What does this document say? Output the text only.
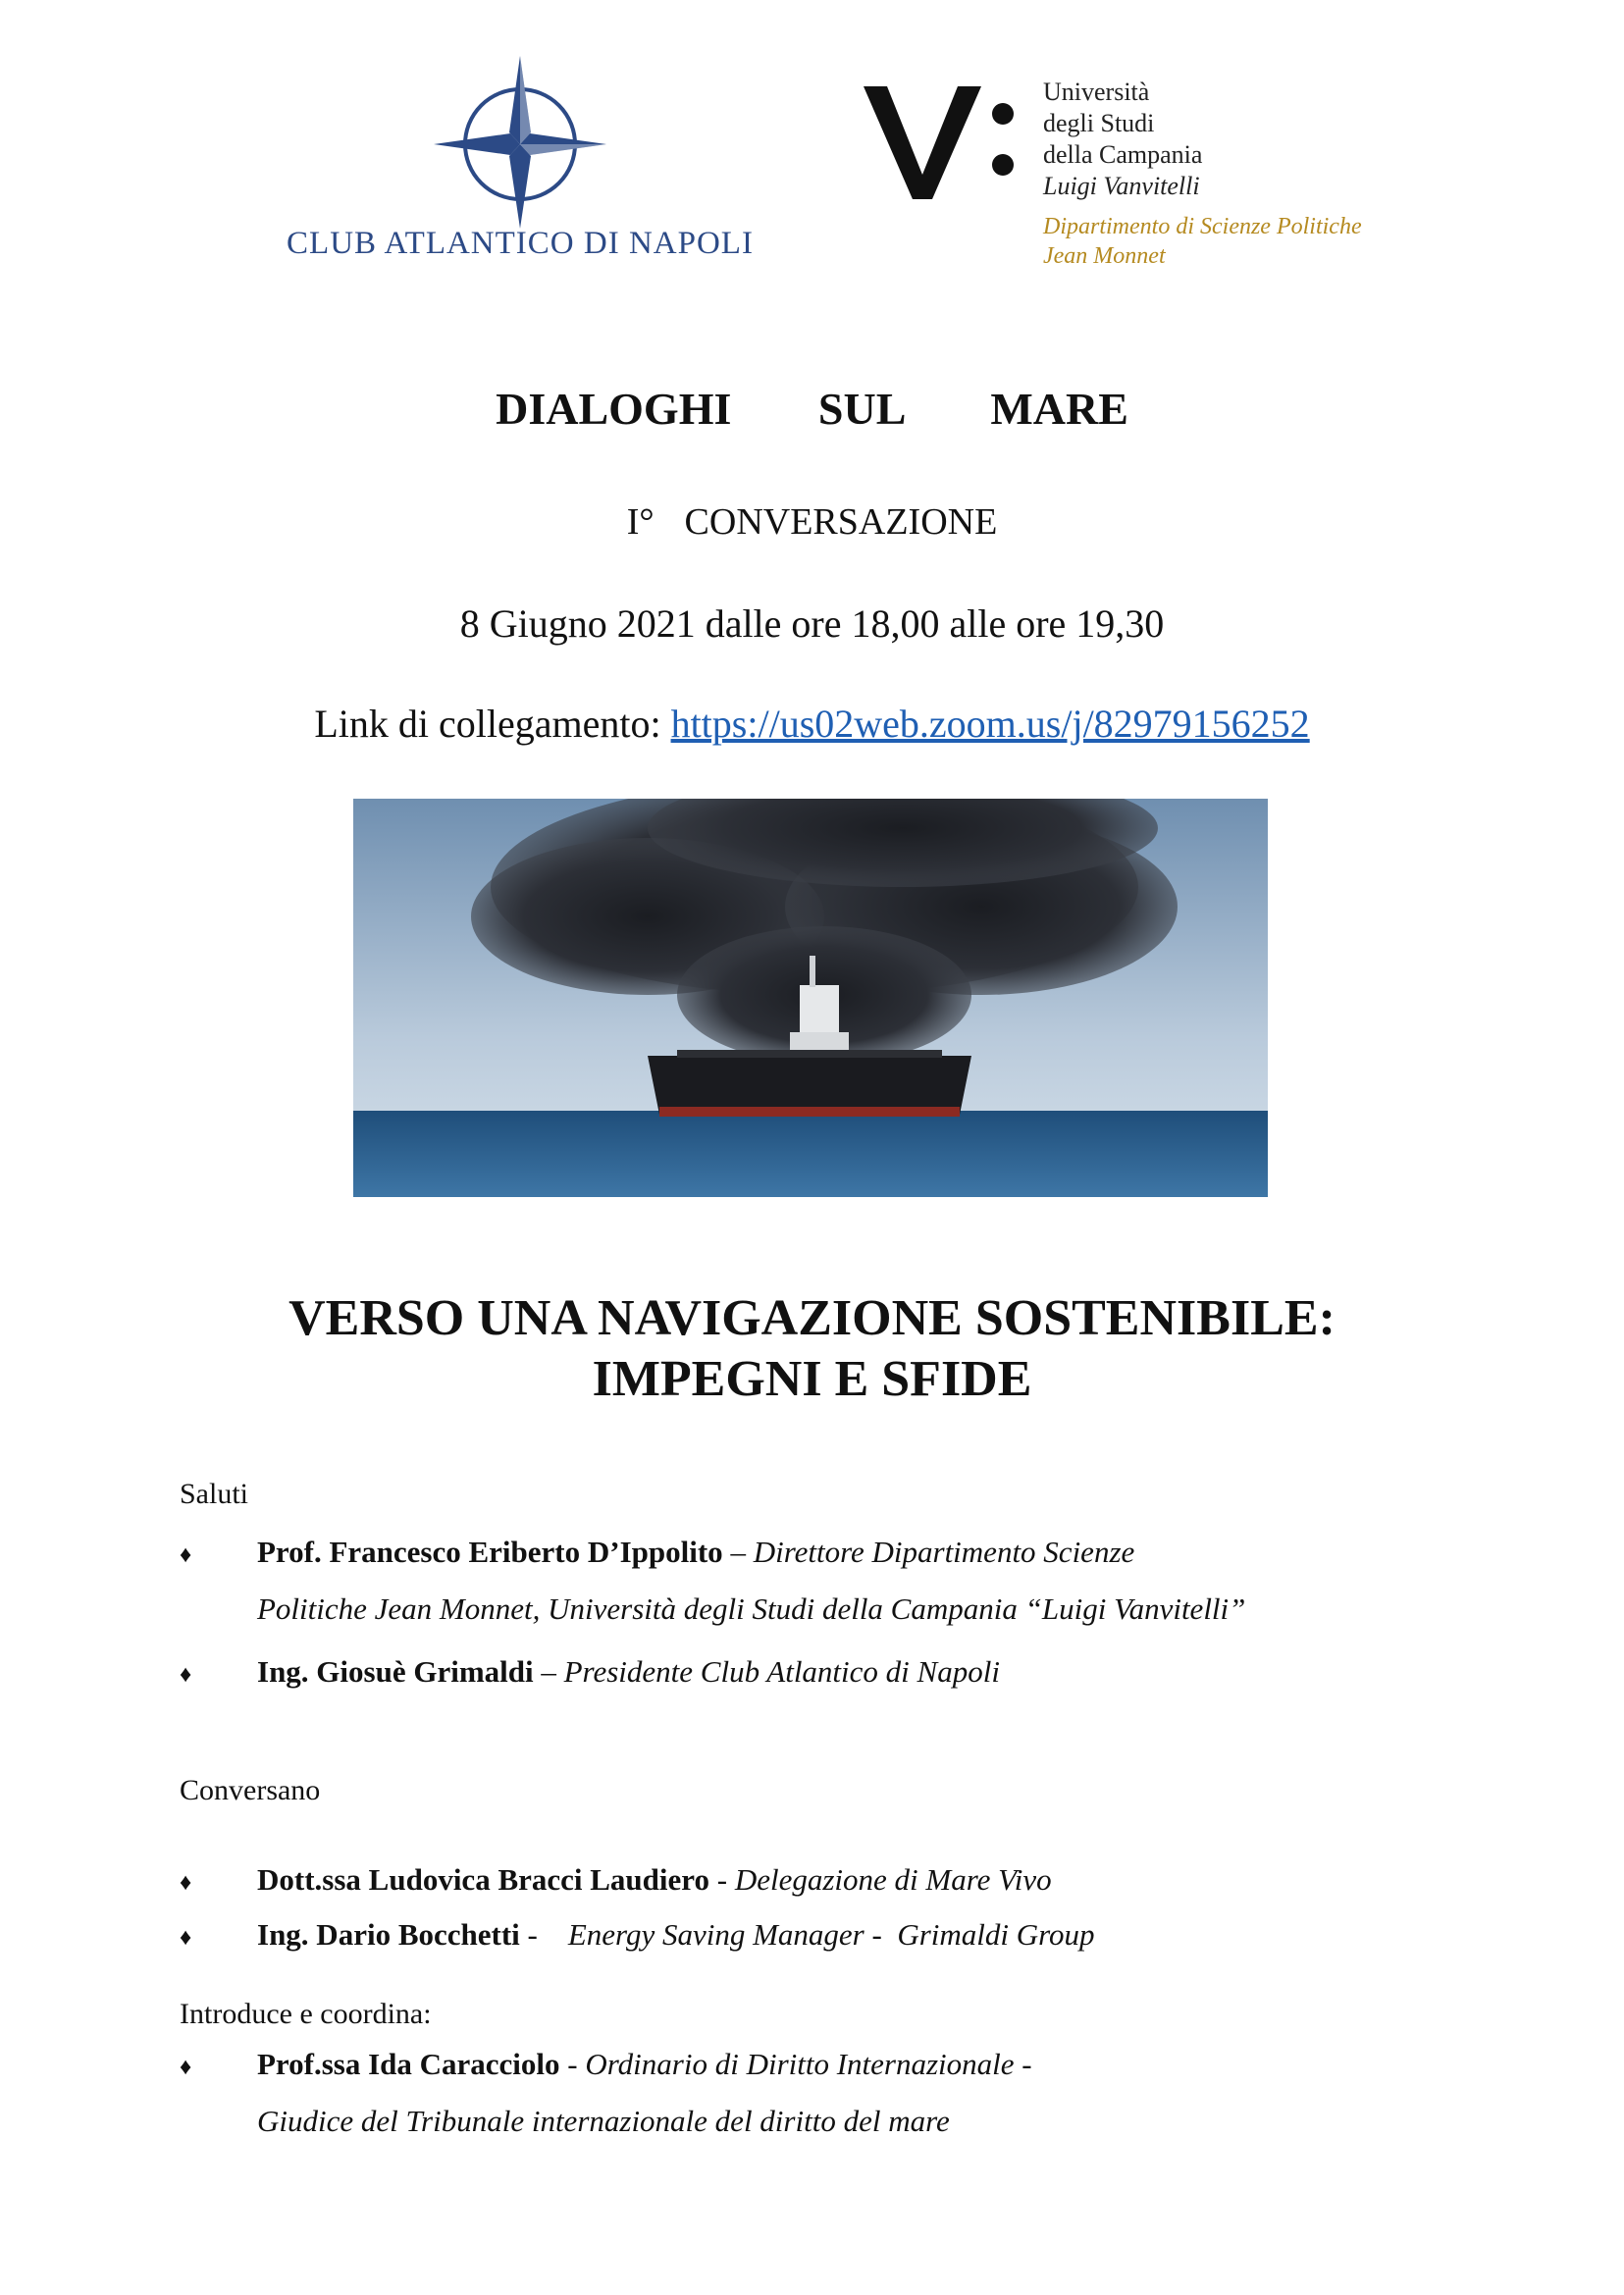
CLUB ATLANTICO DI NAPOLI
Università
degli Studi
della Campania
Luigi Vanvitelli
Dipartimento di Scienze Politiche
Jean Monnet
DIALOGHI   SUL   MARE
I°  CONVERSAZIONE
8 Giugno 2021 dalle ore 18,00 alle ore 19,30
Link di collegamento: https://us02web.zoom.us/j/82979156252
VERSO UNA NAVIGAZIONE SOSTENIBILE:
IMPEGNI E SFIDE
Saluti
♦ Prof. Francesco Eriberto D’Ippolito – Direttore Dipartimento Scienze
Politiche Jean Monnet, Università degli Studi della Campania “Luigi Vanvitelli”
♦ Ing. Giosuè Grimaldi – Presidente Club Atlantico di Napoli
Conversano
♦ Dott.ssa Ludovica Bracci Laudiero - Delegazione di Mare Vivo
♦ Ing. Dario Bocchetti -    Energy Saving Manager -  Grimaldi Group
Introduce e coordina:
♦ Prof.ssa Ida Caracciolo - Ordinario di Diritto Internazionale -
Giudice del Tribunale internazionale del diritto del mare
